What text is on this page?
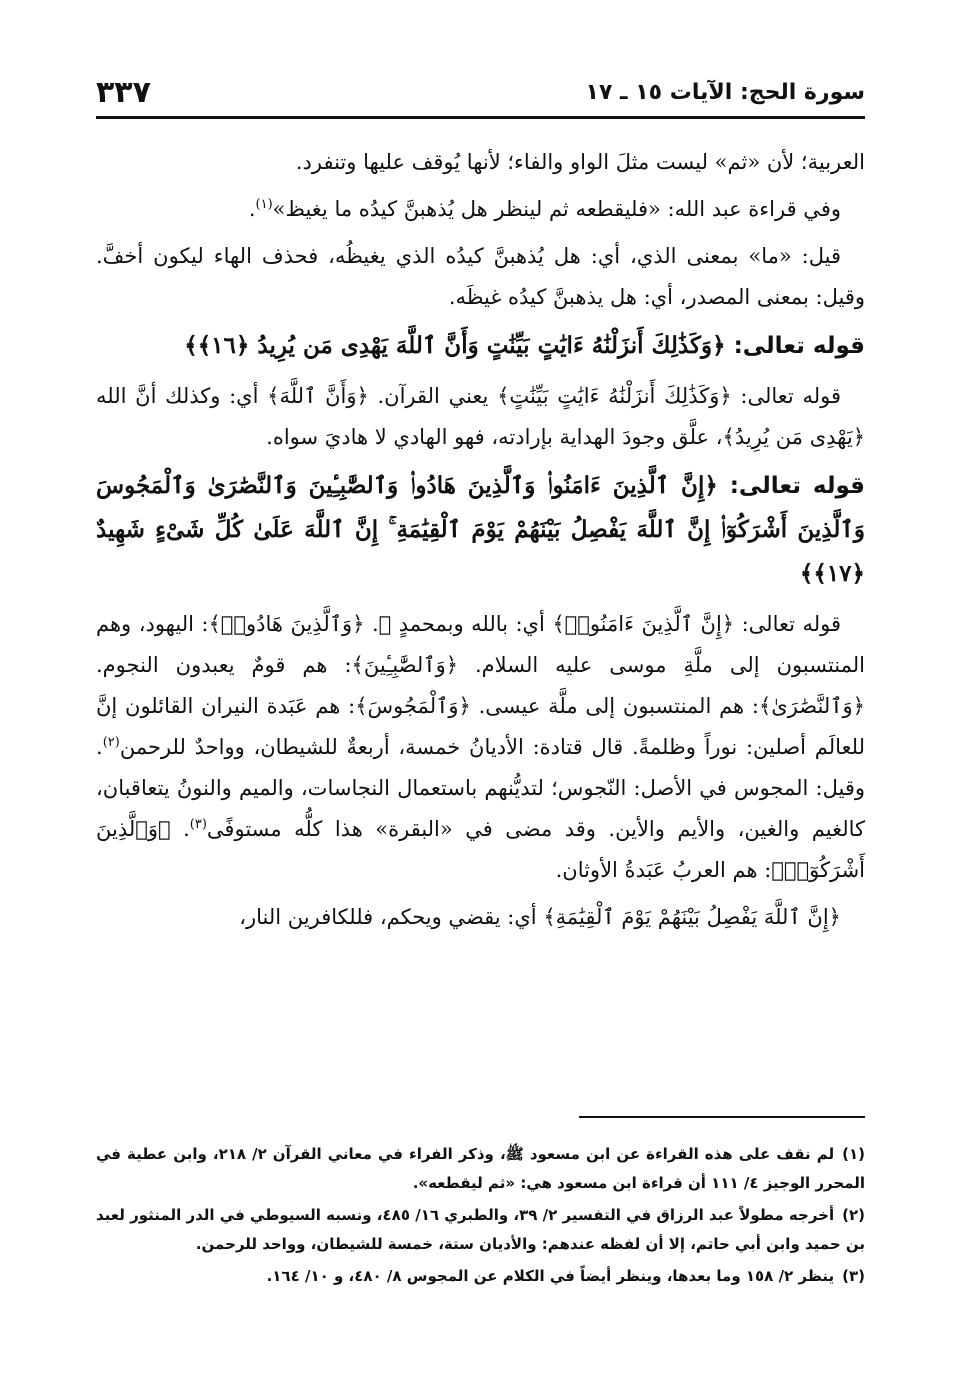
سورة الحج: الآيات ١٥ ـ ١٧
٣٣٧

العربية؛ لأن «ثم» ليست مثلَ الواو والفاء؛ لأنها يُوقف عليها وتنفرد.

وفي قراءة عبد الله: «فليقطعه ثم لينظر هل يُذهبنَّ كيدُه ما يغيظ»$^{(١)}$.

قيل: «ما» بمعنى الذي، أي: هل يُذهبنَّ كيدُه الذي يغيظُه، فحذف الهاء ليكون أخفَّ. وقيل: بمعنى المصدر، أي: هل يذهبنَّ كيدُه غيظَه.

قوله تعالى: ﴿وَكَذَٰلِكَ أَنزَلْنَٰهُ ءَايَٰتٍ بَيِّنَٰتٍ وَأَنَّ ٱللَّهَ يَهْدِى مَن يُرِيدُ ﴿١٦﴾﴾

قوله تعالى: ﴿وَكَذَٰلِكَ أَنزَلْنَٰهُ ءَايَٰتٍ بَيِّنَٰتٍ﴾ يعني القرآن. ﴿وَأَنَّ ٱللَّهَ﴾ أي: وكذلك أنَّ الله ﴿يَهْدِى مَن يُرِيدُ﴾، علَّق وجودَ الهداية بإرادته، فهو الهادي لا هاديَ سواه.

قوله تعالى: ﴿إِنَّ ٱلَّذِينَ ءَامَنُوا۟ وَٱلَّذِينَ هَادُوا۟ وَٱلصَّٰبِـِٔينَ وَٱلنَّصَٰرَىٰ وَٱلْمَجُوسَ وَٱلَّذِينَ أَشْرَكُوٓا۟ إِنَّ ٱللَّهَ يَفْصِلُ بَيْنَهُمْ يَوْمَ ٱلْقِيَٰمَةِ ۚ إِنَّ ٱللَّهَ عَلَىٰ كُلِّ شَىْءٍ شَهِيدٌ ﴿١٧﴾﴾

قوله تعالى: ﴿إِنَّ ٱلَّذِينَ ءَامَنُوا۟﴾ أي: بالله وبمحمدٍ ﷺ. ﴿وَٱلَّذِينَ هَادُوا۟﴾: اليهود، وهم المنتسبون إلى ملَّةِ موسى عليه السلام. ﴿وَٱلصَّٰبِـِٔينَ﴾: هم قومٌ يعبدون النجوم. ﴿وَٱلنَّصَٰرَىٰ﴾: هم المنتسبون إلى ملَّة عيسى. ﴿وَٱلْمَجُوسَ﴾: هم عَبَدة النيران القائلون إنَّ للعالَم أصلين: نوراً وظلمةً. قال قتادة: الأديانُ خمسة، أربعةٌ للشيطان، وواحدٌ للرحمن$^{(٢)}$. وقيل: المجوس في الأصل: النّجوس؛ لتديُّنهم باستعمال النجاسات، والميم والنونُ يتعاقبان، كالغيم والغين، والأيم والأين. وقد مضى في «البقرة» هذا كلُّه مستوفًى$^{(٣)}$. ﴿وَٱلَّذِينَ أَشْرَكُوٓا۟﴾: هم العربُ عَبَدةُ الأوثان.

﴿إِنَّ ٱللَّهَ يَفْصِلُ بَيْنَهُمْ يَوْمَ ٱلْقِيَٰمَةِ﴾ أي: يقضي ويحكم، فللكافرين النار،

(١)لم نقف على هذه القراءة عن ابن مسعود ﷺ، وذكر الفراء في معاني القرآن ٢/ ٢١٨، وابن عطية في المحرر الوجيز ٤/ ١١١ أن قراءة ابن مسعود هي: «ثم ليقطعه».
(٢)أخرجه مطولاً عبد الرزاق في التفسير ٢/ ٣٩، والطبري ١٦/ ٤٨٥، ونسبه السيوطي في الدر المنثور لعبد بن حميد وابن أبي حاتم، إلا أن لفظه عندهم: والأديان ستة، خمسة للشيطان، وواحد للرحمن.
(٣)ينظر ٢/ ١٥٨ وما بعدها، وينظر أيضاً في الكلام عن المجوس ٨/ ٤٨٠، و ١٠/ ١٦٤.
